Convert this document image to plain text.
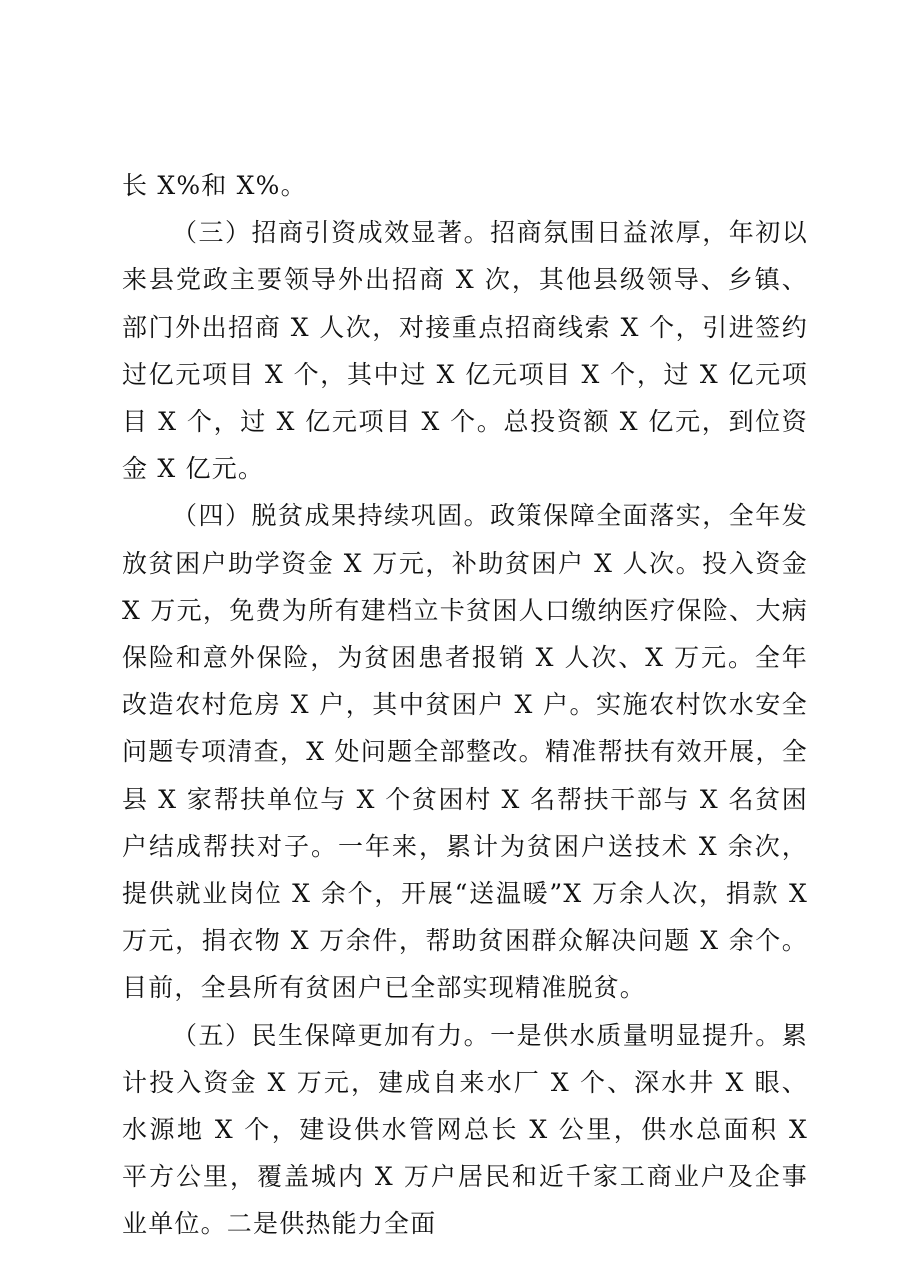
长 X%和 X%。

（三）招商引资成效显著。招商氛围日益浓厚，年初以来县党政主要领导外出招商 X 次，其他县级领导、乡镇、部门外出招商 X 人次，对接重点招商线索 X 个，引进签约过亿元项目 X 个，其中过 X 亿元项目 X 个，过 X 亿元项目 X 个，过 X 亿元项目 X 个。总投资额 X 亿元，到位资金 X 亿元。

（四）脱贫成果持续巩固。政策保障全面落实，全年发放贫困户助学资金 X 万元，补助贫困户 X 人次。投入资金 X 万元，免费为所有建档立卡贫困人口缴纳医疗保险、大病保险和意外保险，为贫困患者报销 X 人次、X 万元。全年改造农村危房 X 户，其中贫困户 X 户。实施农村饮水安全问题专项清查，X 处问题全部整改。精准帮扶有效开展，全县 X 家帮扶单位与 X 个贫困村 X 名帮扶干部与 X 名贫困户结成帮扶对子。一年来，累计为贫困户送技术 X 余次，提供就业岗位 X 余个，开展“送温暖”X 万余人次，捐款 X 万元，捐衣物 X 万余件，帮助贫困群众解决问题 X 余个。目前，全县所有贫困户已全部实现精准脱贫。

（五）民生保障更加有力。一是供水质量明显提升。累计投入资金 X 万元，建成自来水厂 X 个、深水井 X 眼、水源地 X 个，建设供水管网总长 X 公里，供水总面积 X 平方公里，覆盖城内 X 万户居民和近千家工商业户及企事业单位。二是供热能力全面
